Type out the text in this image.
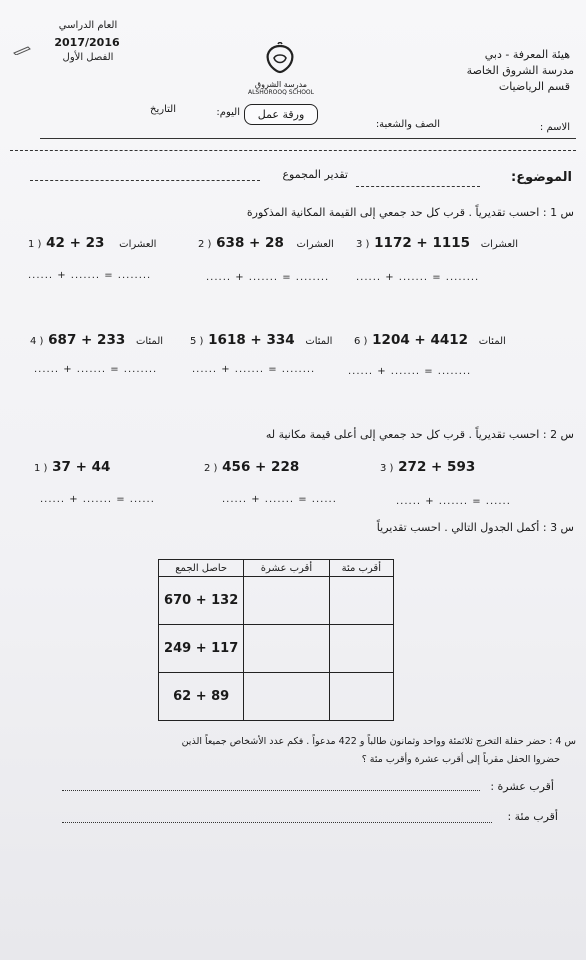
العام الدراسي
2017/2016
الفصل الأول
مدرسة الشروق
ALSHOROOQ SCHOOL
هيئة المعرفة - دبي
مدرسة الشروق الخاصة
قسم الرياضيات
التاريخ	اليوم:	ورقة عمل
الصف والشعبة:	الاسم :
تقدير المجموع	الموضوع:
س 1 : احسب تقديرياً . قرب كل حد جمعي إلى القيمة المكانية المذكورة
1 ) 42 + 23 العشرات	2 ) 638 + 28 العشرات 3 ) 1172 + 1115 العشرات
...... + ....... = ........	...... + ....... = ........	...... + ....... = ........
4 ) 687 + 233 المئات	5 ) 1618 + 334 المئات 6 ) 1204 + 4412 المئات
...... + ....... = ........	...... + ....... = ........	...... + ....... = ........
س 2 : احسب تقديرياً . قرب كل حد جمعي إلى أعلى قيمة مكانية له
1 ) 37 + 44	2 ) 456 + 228	3 ) 272 + 593
...... + ....... = ......	...... + ....... = ......	...... + ....... = ......
س 3 : أكمل الجدول التالي . احسب تقديرياً
حاصل الجمع	أقرب عشرة	أقرب مئة
670 + 132		
249 + 117		
62 + 89		
س 4 : حضر حفلة التخرج ثلاثمئة وواحد وثمانون طالباً و 422 مدعواً . فكم عدد الأشخاص جميعاً الذين
حضروا الحفل مقرباً إلى أقرب عشرة وأقرب مئة ؟
أقرب عشرة :
أقرب مئة :
